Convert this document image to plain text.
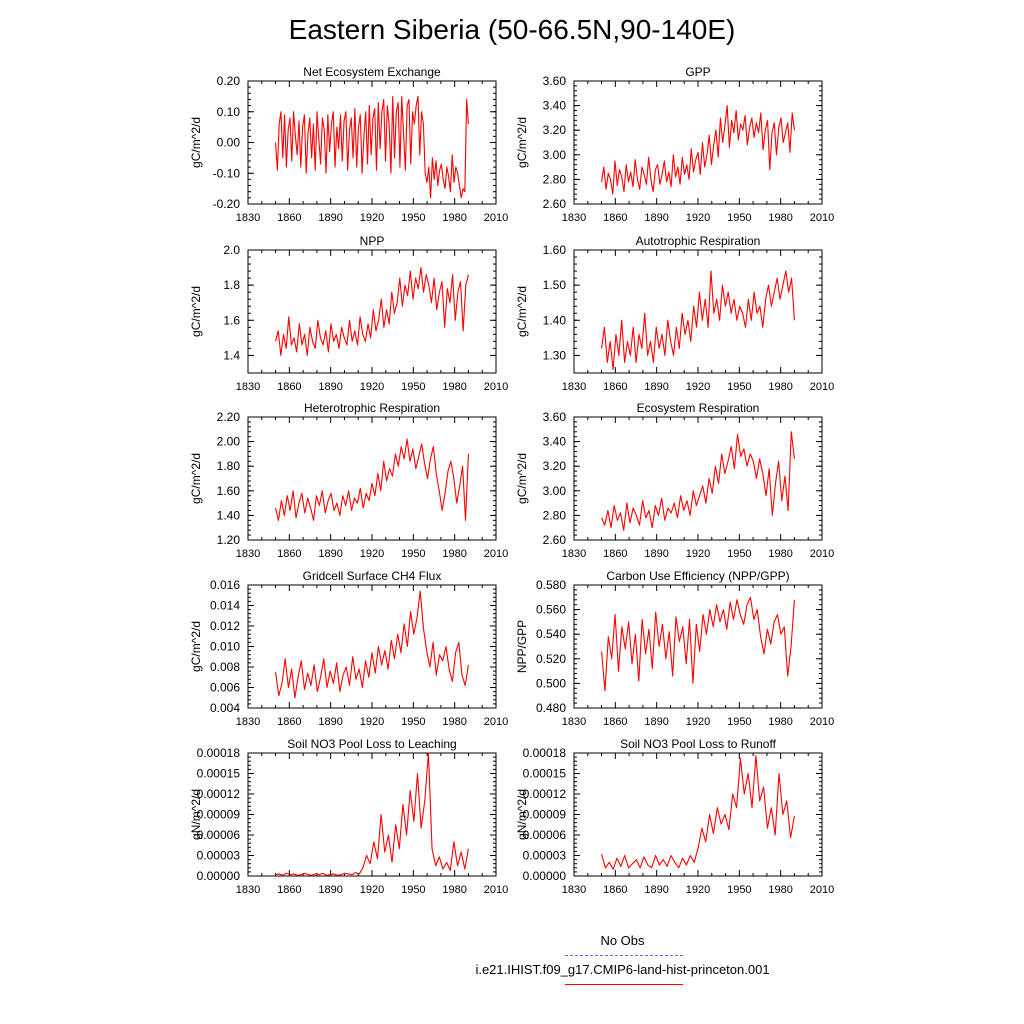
Eastern Siberia (50-66.5N,90-140E)
Net Ecosystem Exchange
gC/m^2/d
0.20
0.10
0.00
-0.10
-0.20
1830 1860 1890 1920 1950 1980 2010
GPP
gC/m^2/d
3.60
3.40
3.20
3.00
2.80
2.60
1830 1860 1890 1920 1950 1980 2010
NPP
gC/m^2/d
2.0
1.8
1.6
1.4
1830 1860 1890 1920 1950 1980 2010
Autotrophic Respiration
gC/m^2/d
1.60
1.50
1.40
1.30
1830 1860 1890 1920 1950 1980 2010
Heterotrophic Respiration
gC/m^2/d
2.20
2.00
1.80
1.60
1.40
1.20
1830 1860 1890 1920 1950 1980 2010
Ecosystem Respiration
gC/m^2/d
3.60
3.40
3.20
3.00
2.80
2.60
1830 1860 1890 1920 1950 1980 2010
Gridcell Surface CH4 Flux
gC/m^2/d
0.016
0.014
0.012
0.010
0.008
0.006
0.004
1830 1860 1890 1920 1950 1980 2010
Carbon Use Efficiency (NPP/GPP)
NPP/GPP
0.580
0.560
0.540
0.520
0.500
0.480
1830 1860 1890 1920 1950 1980 2010
Soil NO3 Pool Loss to Leaching
gN/m^2/d
0.00018
0.00015
0.00012
0.00009
0.00006
0.00003
0.00000
1830 1860 1890 1920 1950 1980 2010
Soil NO3 Pool Loss to Runoff
gN/m^2/d
0.00018
0.00015
0.00012
0.00009
0.00006
0.00003
0.00000
1830 1860 1890 1920 1950 1980 2010
No Obs
i.e21.IHIST.f09_g17.CMIP6-land-hist-princeton.001
